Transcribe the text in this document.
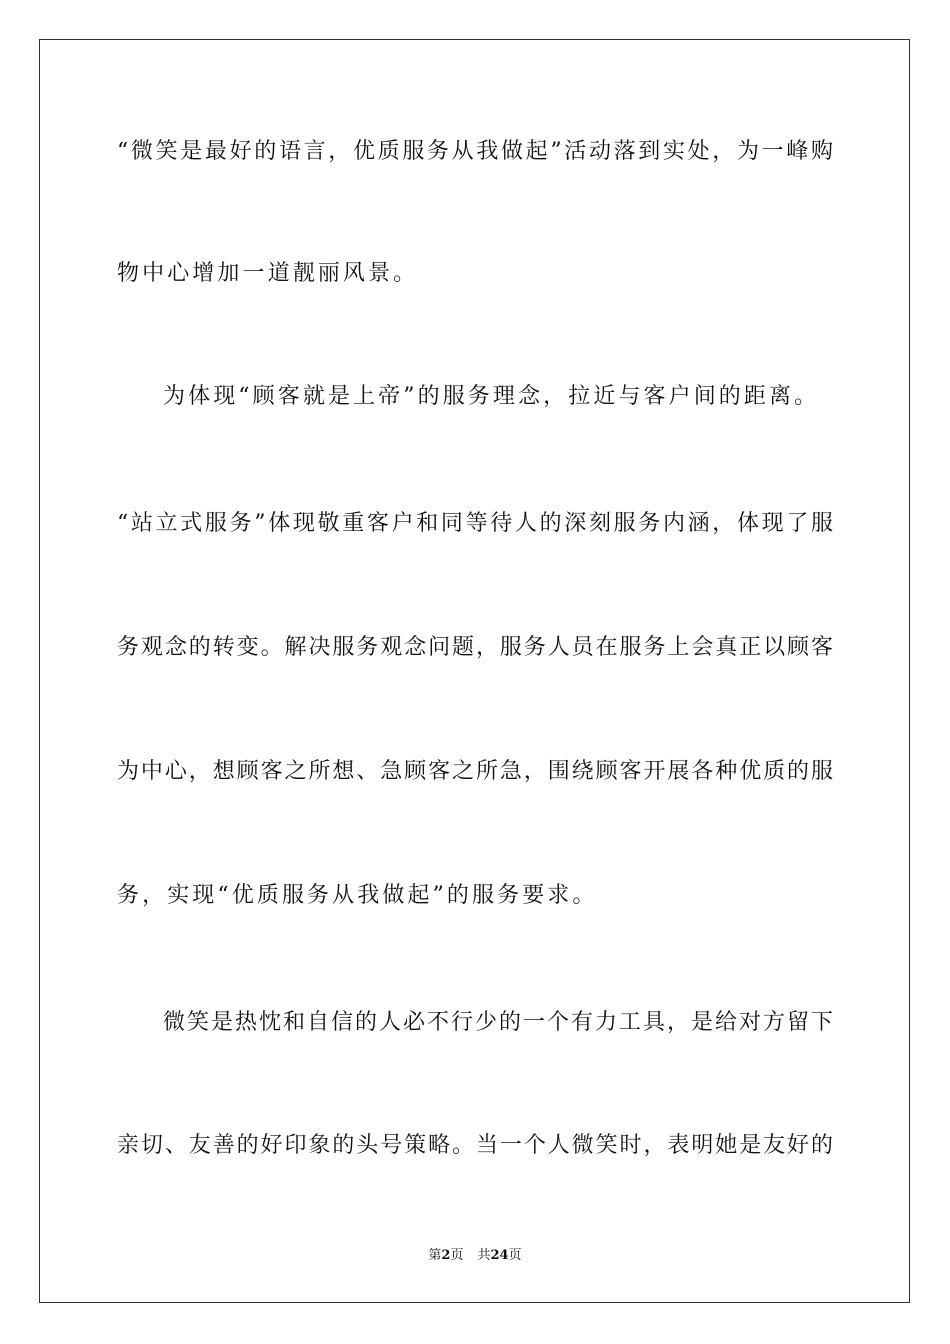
“微笑是最好的语言，优质服务从我做起”活动落到实处，为一峰购
物中心增加一道靓丽风景。
为体现“顾客就是上帝”的服务理念，拉近与客户间的距离。
“站立式服务”体现敬重客户和同等待人的深刻服务内涵，体现了服
务观念的转变。解决服务观念问题，服务人员在服务上会真正以顾客
为中心，想顾客之所想、急顾客之所急，围绕顾客开展各种优质的服
务，实现“优质服务从我做起”的服务要求。
微笑是热忱和自信的人必不行少的一个有力工具，是给对方留下
亲切、友善的好印象的头号策略。当一个人微笑时，表明她是友好的
第2页 共24页
